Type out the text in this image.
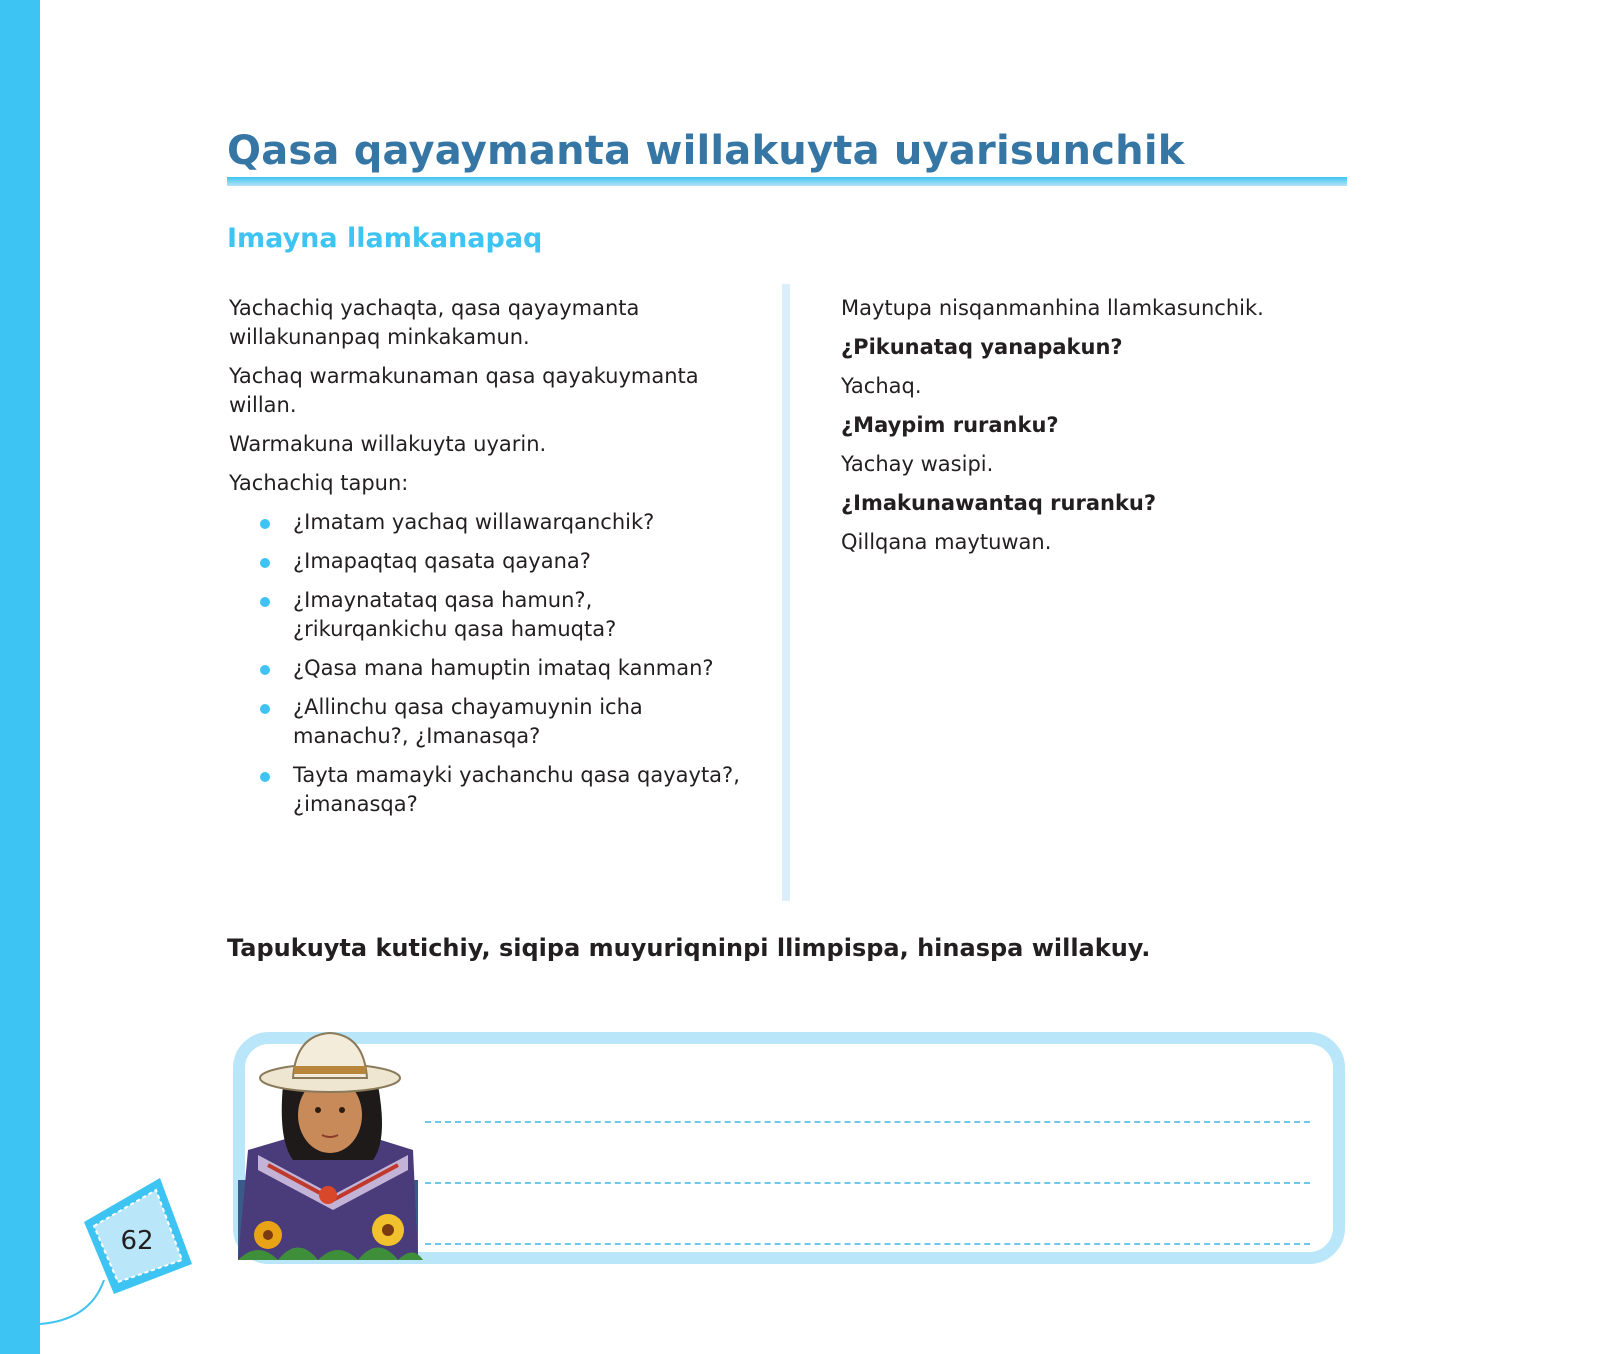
Qasa qayaymanta willakuyta uyarisunchik
Imayna llamkanapaq

Yachachiq yachaqta, qasa qayaymanta willakunanpaq minkakamun.

Yachaq warmakunaman qasa qayakuymanta willan.

Warmakuna willakuyta uyarin.

Yachachiq tapun:

¿Imatam yachaq willawarqanchik?
¿Imapaqtaq qasata qayana?
¿Imaynatataq qasa hamun?, ¿rikurqankichu qasa hamuqta?
¿Qasa mana hamuptin imataq kanman?
¿Allinchu qasa chayamuynin icha manachu?, ¿Imanasqa?
Tayta mamayki yachanchu qasa qayayta?, ¿imanasqa?

Maytupa nisqanmanhina llamkasunchik.

¿Pikunataq yanapakun?

Yachaq.

¿Maypim ruranku?

Yachay wasipi.

¿Imakunawantaq ruranku?

Qillqana maytuwan.

Tapukuyta kutichiy, siqipa muyuriqninpi llimpispa, hinaspa willakuy.

62
